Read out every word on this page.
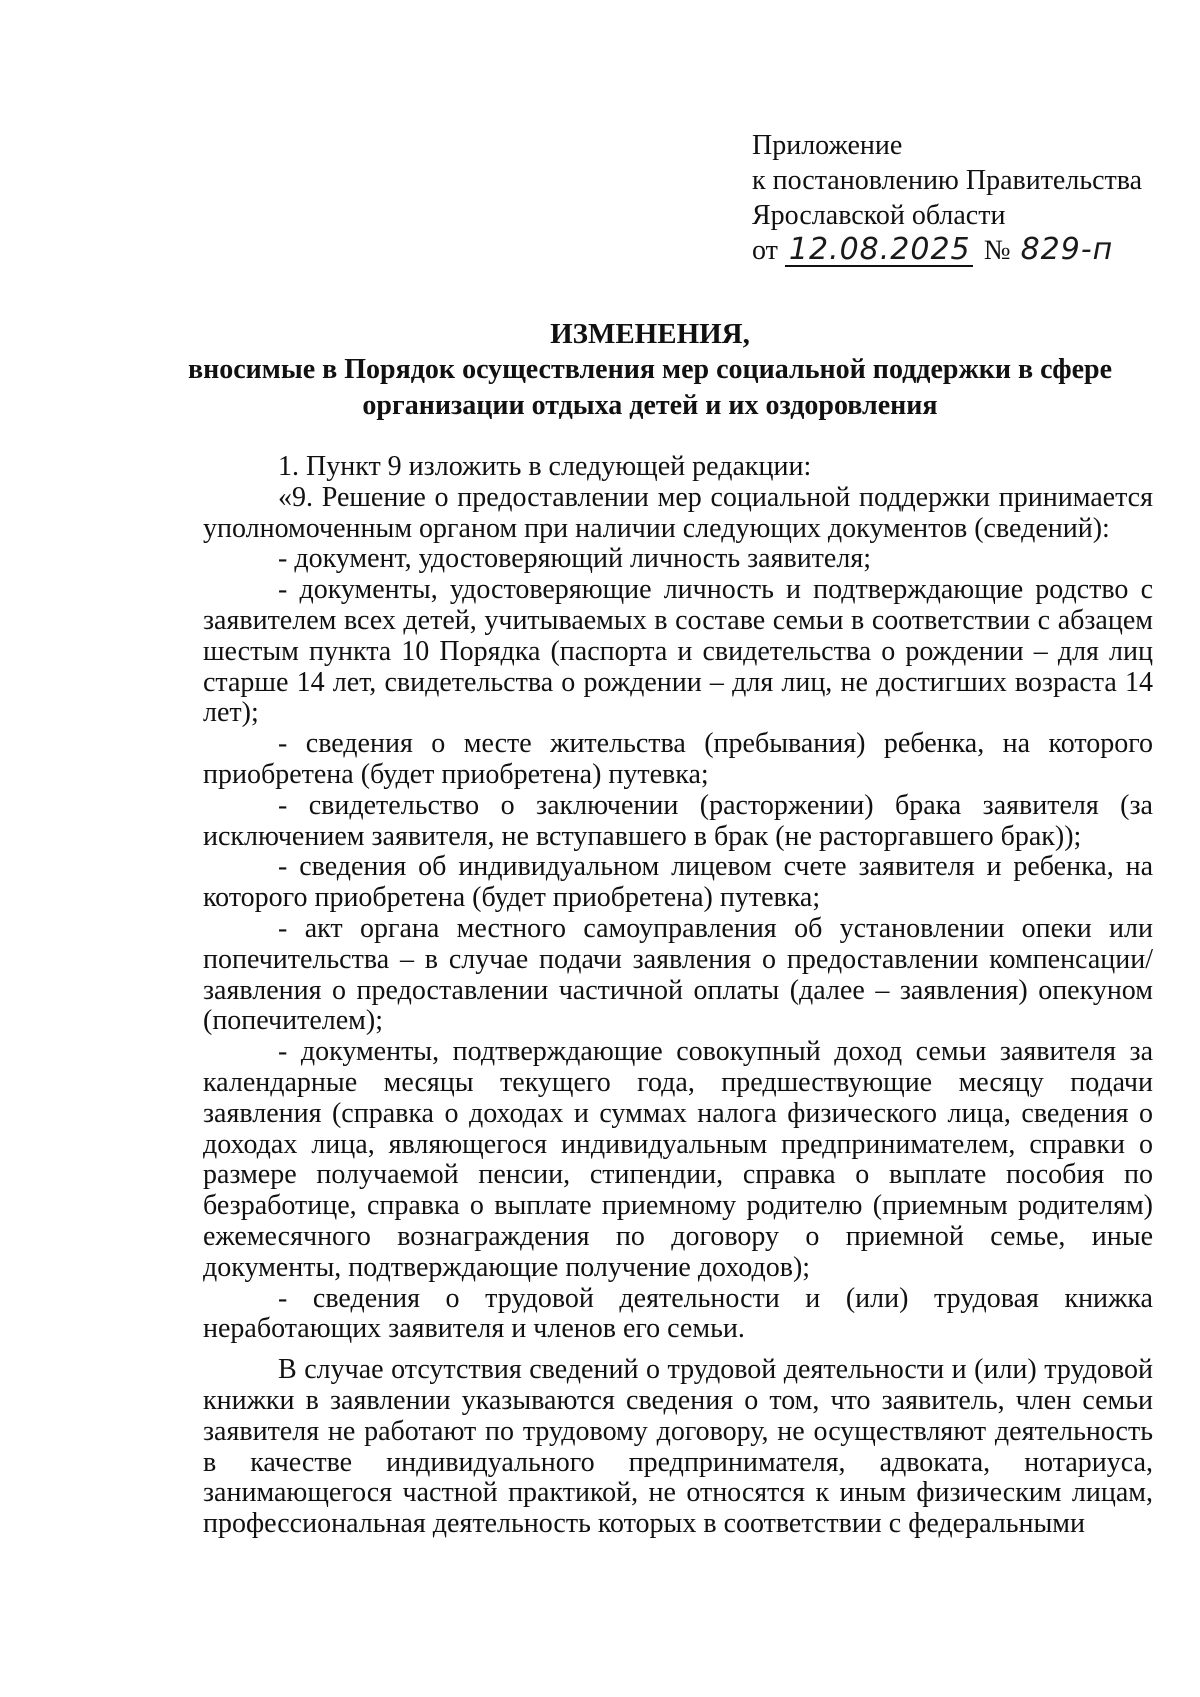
Приложение
к постановлению Правительства
Ярославской области
от 12.08.2025 № 829-п
ИЗМЕНЕНИЯ,
вносимые в Порядок осуществления мер социальной поддержки в сфере
организации отдыха детей и их оздоровления

1. Пункт 9 изложить в следующей редакции:

«9. Решение о предоставлении мер социальной поддержки принимается уполномоченным органом при наличии следующих документов (сведений):

- документ, удостоверяющий личность заявителя;

- документы, удостоверяющие личность и подтверждающие родство с заявителем всех детей, учитываемых в составе семьи в соответствии с абзацем шестым пункта 10 Порядка (паспорта и свидетельства о рождении – для лиц старше 14 лет, свидетельства о рождении – для лиц, не достигших возраста 14 лет);

- сведения о месте жительства (пребывания) ребенка, на которого приобретена (будет приобретена) путевка;

- свидетельство о заключении (расторжении) брака заявителя (за исключением заявителя, не вступавшего в брак (не расторгавшего брак));

- сведения об индивидуальном лицевом счете заявителя и ребенка, на которого приобретена (будет приобретена) путевка;

- акт органа местного самоуправления об установлении опеки или попечительства – в случае подачи заявления о предоставлении компенсации/ заявления о предоставлении частичной оплаты (далее – заявления) опекуном (попечителем);

- документы, подтверждающие совокупный доход семьи заявителя за календарные месяцы текущего года, предшествующие месяцу подачи заявления (справка о доходах и суммах налога физического лица, сведения о доходах лица, являющегося индивидуальным предпринимателем, справки о размере получаемой пенсии, стипендии, справка о выплате пособия по безработице, справка о выплате приемному родителю (приемным родителям) ежемесячного вознаграждения по договору о приемной семье, иные документы, подтверждающие получение доходов);

- сведения о трудовой деятельности и (или) трудовая книжка неработающих заявителя и членов его семьи.

В случае отсутствия сведений о трудовой деятельности и (или) трудовой книжки в заявлении указываются сведения о том, что заявитель, член семьи заявителя не работают по трудовому договору, не осуществляют деятельность в качестве индивидуального предпринимателя, адвоката, нотариуса, занимающегося частной практикой, не относятся к иным физическим лицам, профессиональная деятельность которых в соответствии с федеральными
